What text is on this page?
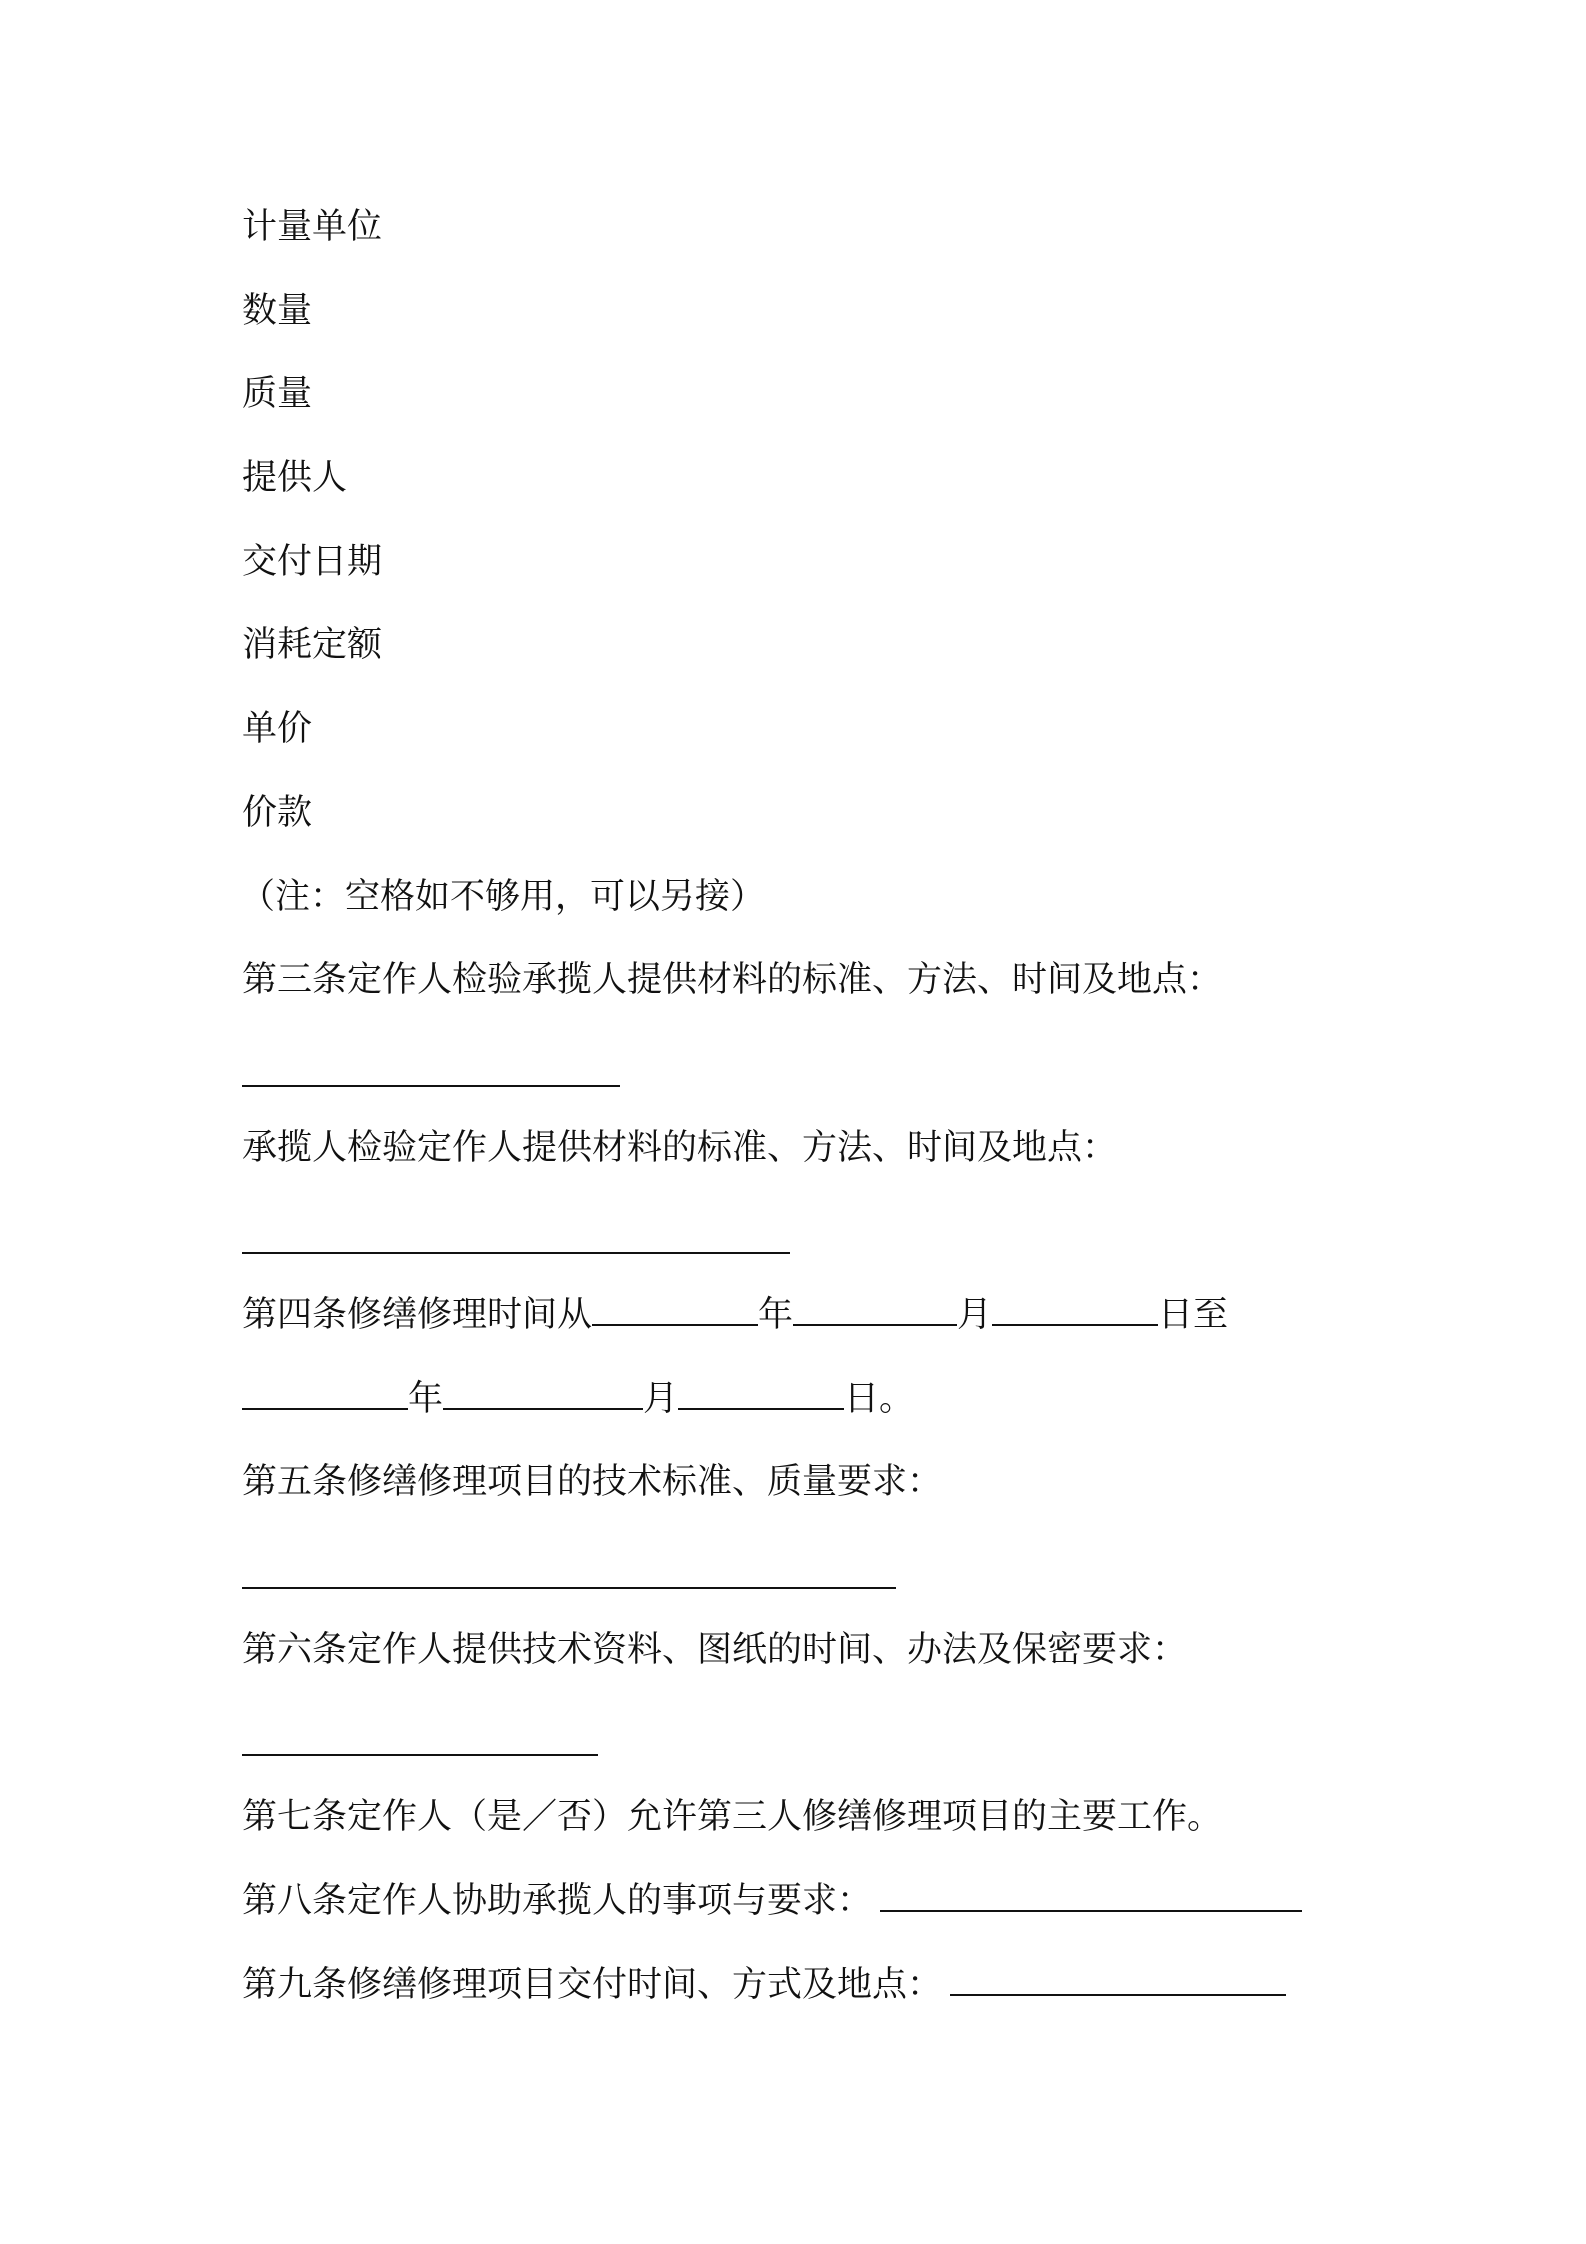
计量单位
数量
质量
提供人
交付日期
消耗定额
单价
价款
（注：空格如不够用，可以另接）
第三条定作人检验承揽人提供材料的标准、方法、时间及地点：
承揽人检验定作人提供材料的标准、方法、时间及地点：
第四条修缮修理时间从	年	月	日至
年	月	日。
第五条修缮修理项目的技术标准、质量要求：
第六条定作人提供技术资料、图纸的时间、办法及保密要求：
第七条定作人（是／否）允许第三人修缮修理项目的主要工作。
第八条定作人协助承揽人的事项与要求：
第九条修缮修理项目交付时间、方式及地点：
